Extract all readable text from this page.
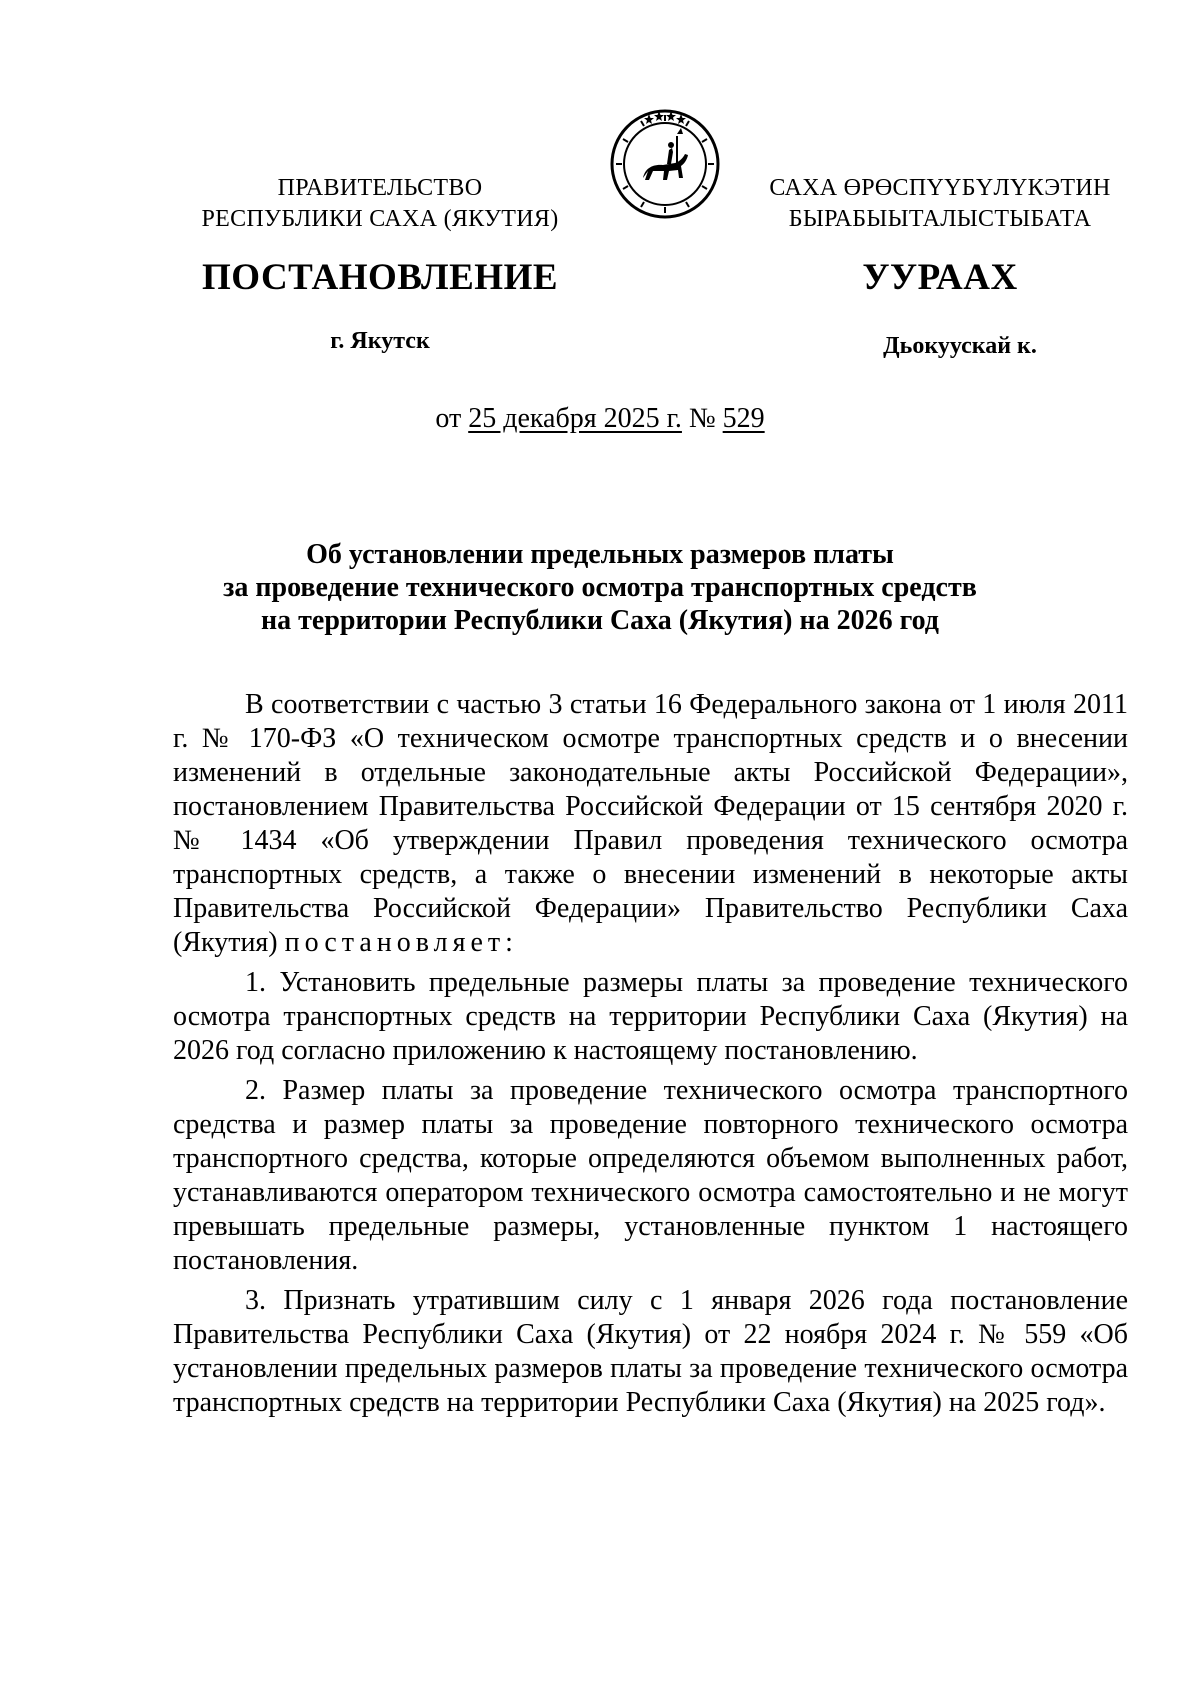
ПРАВИТЕЛЬСТВО
РЕСПУБЛИКИ САХА (ЯКУТИЯ)
САХА ӨРӨСПҮҮБҮЛҮКЭТИН
БЫРАБЫЫТАЛЫСТЫБАТА
ПОСТАНОВЛЕНИЕ	УУРААХ
г. Якутск	Дьокуускай к.
от 25 декабря 2025 г. № 529
Об установлении предельных размеров платы
за проведение технического осмотра транспортных средств
на территории Республики Саха (Якутия) на 2026 год

В соответствии с частью 3 статьи 16 Федерального закона от 1 июля 2011 г. № 170-ФЗ «О техническом осмотре транспортных средств и о внесении изменений в отдельные законодательные акты Российской Федерации», постановлением Правительства Российской Федерации от 15 сентября 2020 г. № 1434 «Об утверждении Правил проведения технического осмотра транспортных средств, а также о внесении изменений в некоторые акты Правительства Российской Федерации» Правительство Республики Саха (Якутия) постановляет:

1. Установить предельные размеры платы за проведение технического осмотра транспортных средств на территории Республики Саха (Якутия) на 2026 год согласно приложению к настоящему постановлению.

2. Размер платы за проведение технического осмотра транспортного средства и размер платы за проведение повторного технического осмотра транспортного средства, которые определяются объемом выполненных работ, устанавливаются оператором технического осмотра самостоятельно и не могут превышать предельные размеры, установленные пунктом 1 настоящего постановления.

3. Признать утратившим силу с 1 января 2026 года постановление Правительства Республики Саха (Якутия) от 22 ноября 2024 г. № 559 «Об установлении предельных размеров платы за проведение технического осмотра транспортных средств на территории Республики Саха (Якутия) на 2025 год».
